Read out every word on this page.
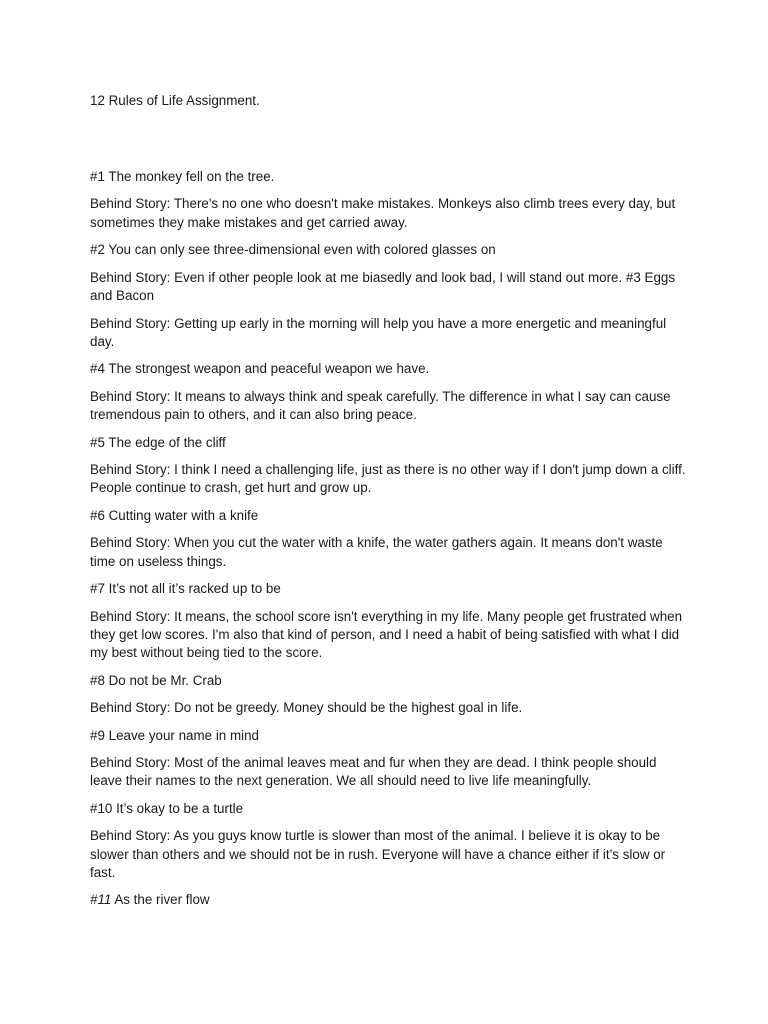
12 Rules of Life Assignment.

#1 The monkey fell on the tree.

Behind Story: There's no one who doesn't make mistakes. Monkeys also climb trees every day, but sometimes they make mistakes and get carried away.

#2 You can only see three-dimensional even with colored glasses on

Behind Story: Even if other people look at me biasedly and look bad, I will stand out more. #3 Eggs and Bacon

Behind Story: Getting up early in the morning will help you have a more energetic and meaningful day.

#4 The strongest weapon and peaceful weapon we have.

Behind Story: It means to always think and speak carefully. The difference in what I say can cause tremendous pain to others, and it can also bring peace.

#5 The edge of the cliff

Behind Story: I think I need a challenging life, just as there is no other way if I don't jump down a cliff. People continue to crash, get hurt and grow up.

#6 Cutting water with a knife

Behind Story: When you cut the water with a knife, the water gathers again. It means don't waste time on useless things.

#7 It’s not all it’s racked up to be

Behind Story: It means, the school score isn't everything in my life. Many people get frustrated when they get low scores. I'm also that kind of person, and I need a habit of being satisfied with what I did my best without being tied to the score.

#8 Do not be Mr. Crab

Behind Story: Do not be greedy. Money should be the highest goal in life.

#9 Leave your name in mind

Behind Story: Most of the animal leaves meat and fur when they are dead. I think people should leave their names to the next generation. We all should need to live life meaningfully.

#10 It’s okay to be a turtle

Behind Story: As you guys know turtle is slower than most of the animal. I believe it is okay to be slower than others and we should not be in rush. Everyone will have a chance either if it’s slow or fast.

#11 As the river flow
